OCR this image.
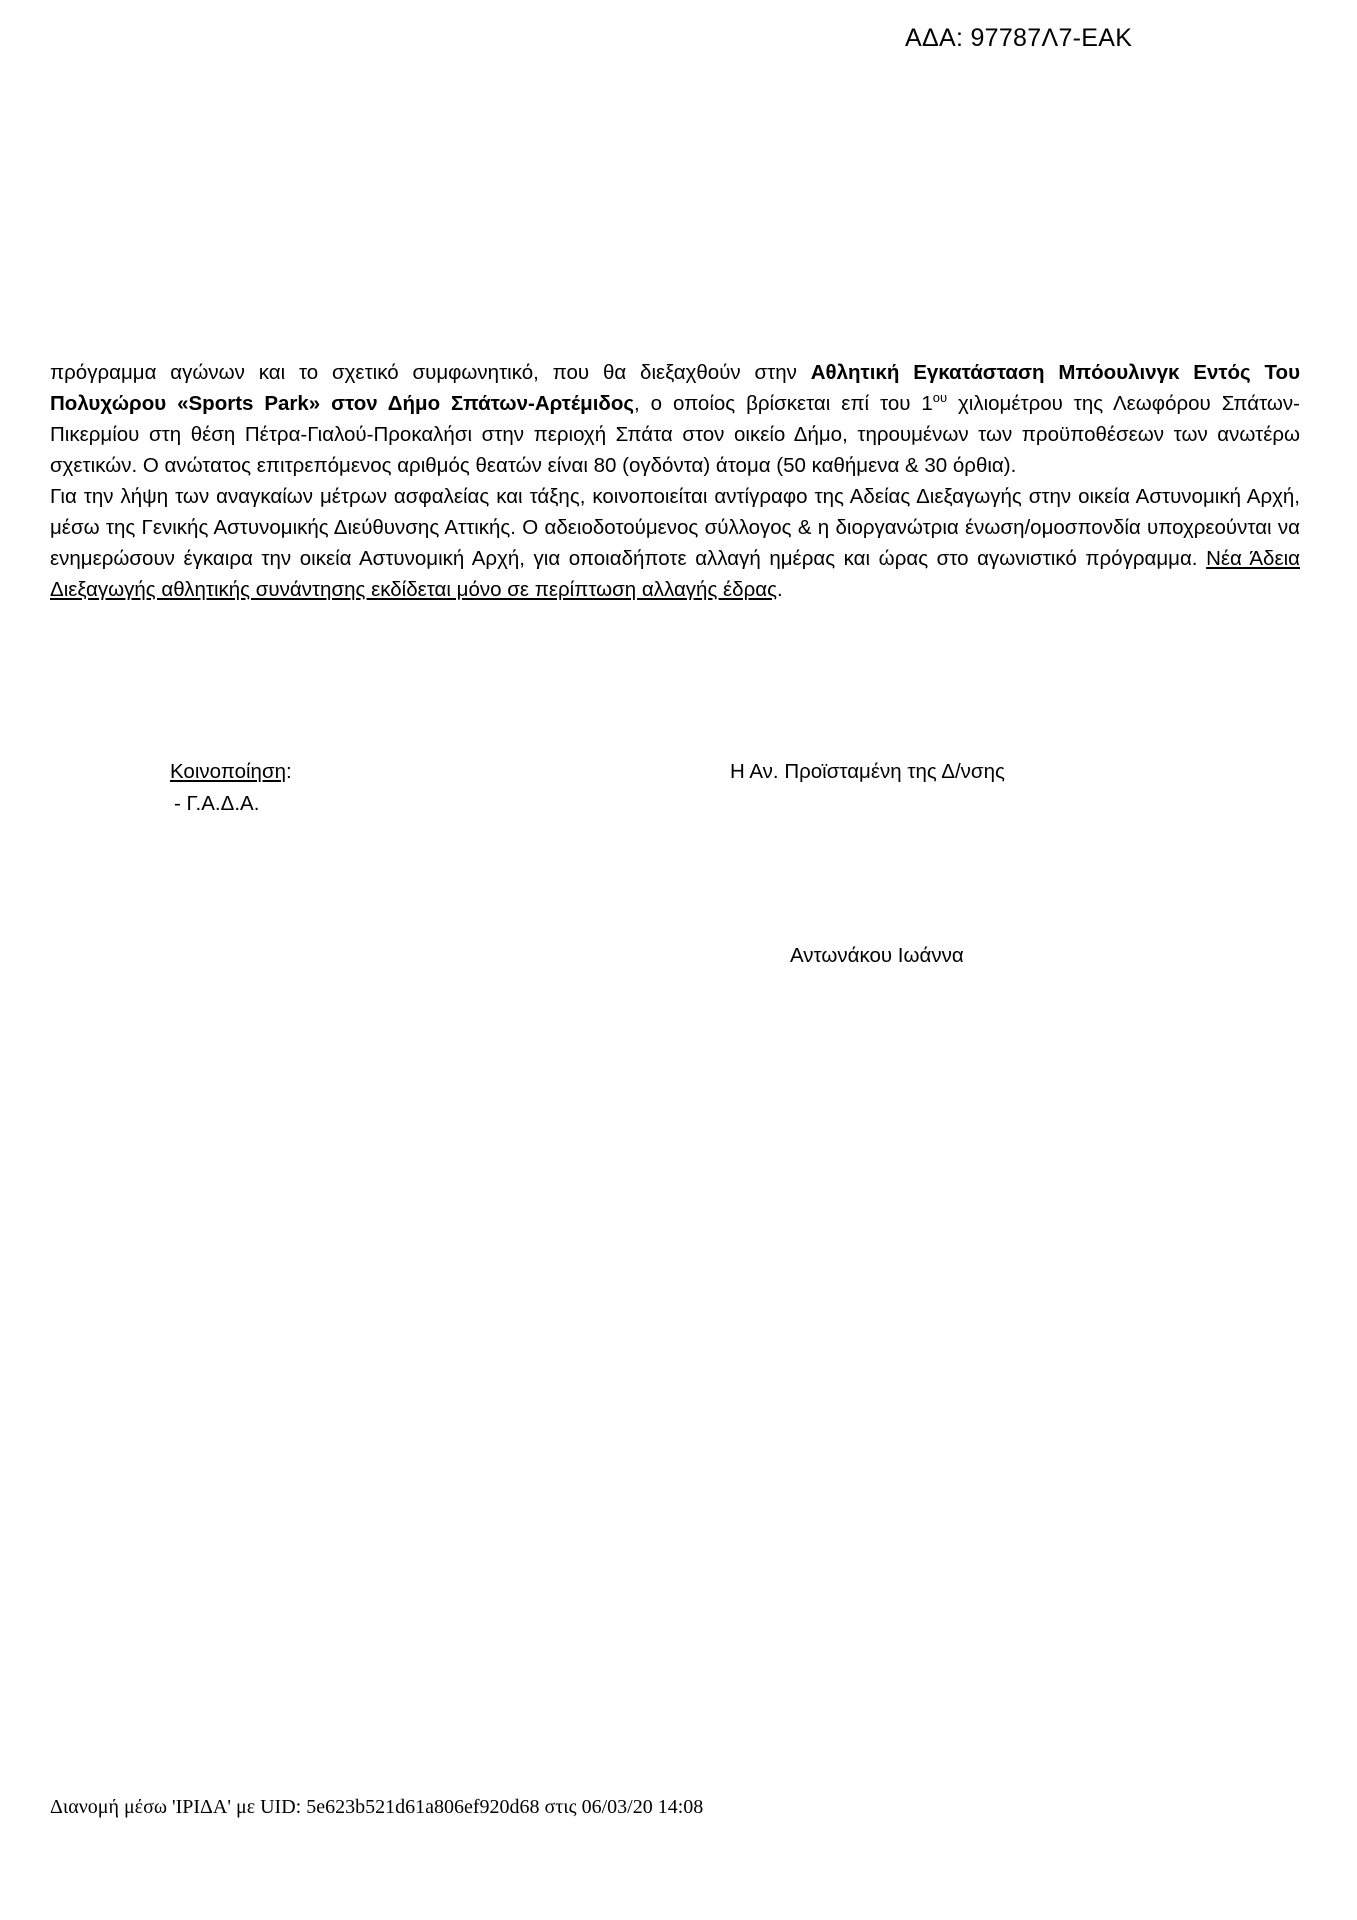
ΑΔΑ: 97787Λ7-ΕΑΚ

πρόγραμμα αγώνων και το σχετικό συμφωνητικό, που θα διεξαχθούν στην Αθλητική Εγκατάσταση Μπόουλινγκ Εντός Του Πολυχώρου «Sports Park» στον Δήμο Σπάτων-Αρτέμιδος, ο οποίος βρίσκεται επί του $1^{o\upsilon}$ χιλιομέτρου της Λεωφόρου Σπάτων-Πικερμίου στη θέση Πέτρα-Γιαλού-Προκαλήσι στην περιοχή Σπάτα στον οικείο Δήμο, τηρουμένων των προϋποθέσεων των ανωτέρω σχετικών. Ο ανώτατος επιτρεπόμενος αριθμός θεατών είναι 80 (ογδόντα) άτομα (50 καθήμενα & 30 όρθια).

Για την λήψη των αναγκαίων μέτρων ασφαλείας και τάξης, κοινοποιείται αντίγραφο της Αδείας Διεξαγωγής στην οικεία Αστυνομική Αρχή, μέσω της Γενικής Αστυνομικής Διεύθυνσης Αττικής. Ο αδειοδοτούμενος σύλλογος & η διοργανώτρια ένωση/ομοσπονδία υποχρεούνται να ενημερώσουν έγκαιρα την οικεία Αστυνομική Αρχή, για οποιαδήποτε αλλαγή ημέρας και ώρας στο αγωνιστικό πρόγραμμα. Νέα Άδεια Διεξαγωγής αθλητικής συνάντησης εκδίδεται μόνο σε περίπτωση αλλαγής έδρας.

Κοινοποίηση:
- Γ.Α.Δ.Α.
Η Αν. Προϊσταμένη της Δ/νσης
Αντωνάκου Ιωάννα
Διανομή μέσω 'ΙΡΙΔΑ' με UID: 5e623b521d61a806ef920d68 στις 06/03/20 14:08
